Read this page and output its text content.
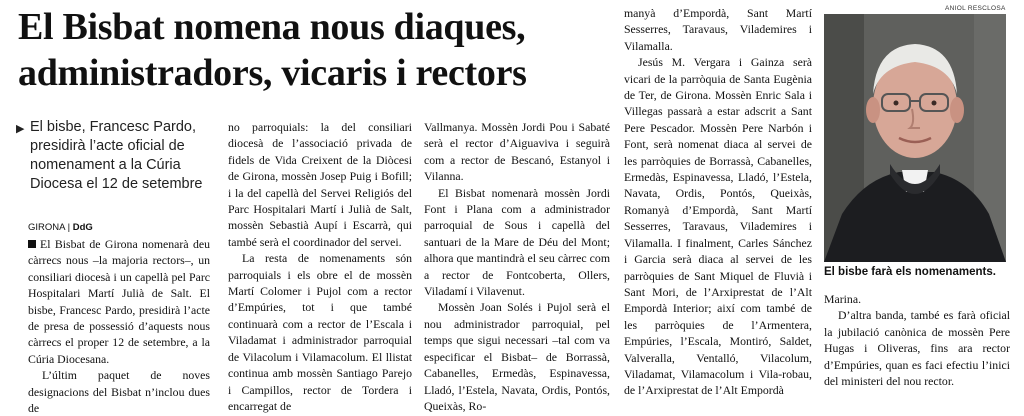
El Bisbat nomena nous diaques,
administradors, vicaris i rectors
▶ El bisbe, Francesc Pardo, presidirà l’acte oficial de nomenament a la Cúria Diocesa el 12 de setembre
GIRONA | DdG

El Bisbat de Girona nomenarà deu càrrecs nous –la majoria rectors–, un consiliari diocesà i un capellà pel Parc Hospitalari Martí Julià de Salt. El bisbe, Francesc Pardo, presidirà l’acte de presa de possessió d’aquests nous càrrecs el proper 12 de setembre, a la Cúria Diocesana.

L’últim paquet de noves designacions del Bisbat n’inclou dues de

no parroquials: la del consiliari diocesà de l’associació privada de fidels de Vida Creixent de la Diòcesi de Girona, mossèn Josep Puig i Bofill; i la del capellà del Servei Religiós del Parc Hospitalari Martí i Julià de Salt, mossèn Sebastià Aupí i Escarrà, qui també serà el coordinador del servei.

La resta de nomenaments són parroquials i els obre el de mossèn Martí Colomer i Pujol com a rector d’Empúries, tot i que també continuarà com a rector de l’Escala i Viladamat i administrador parroquial de Vilacolum i Vilamacolum. El llistat continua amb mossèn Santiago Parejo i Campillos, rector de Tordera i encarregat de

Vallmanya. Mossèn Jordi Pou i Sabaté serà el rector d’Aiguaviva i seguirà com a rector de Bescanó, Estanyol i Vilanna.

El Bisbat nomenarà mossèn Jordi Font i Plana com a administrador parroquial de Sous i capellà del santuari de la Mare de Déu del Mont; alhora que mantindrà el seu càrrec com a rector de Fontcoberta, Ollers, Viladamí i Vilavenut.

Mossèn Joan Solés i Pujol serà el nou administrador parroquial, pel temps que sigui necessari –tal com va especificar el Bisbat– de Borrassà, Cabanelles, Ermedàs, Espinavessa, Lladó, l’Estela, Navata, Ordis, Pontós, Queixàs, Ro-

manyà d’Empordà, Sant Martí Sesserres, Taravaus, Vilademires i Vilamalla.

Jesús M. Vergara i Gainza serà vicari de la parròquia de Santa Eugènia de Ter, de Girona. Mossèn Enric Sala i Villegas passarà a estar adscrit a Sant Pere Pescador. Mossèn Pere Narbón i Font, serà nomenat diaca al servei de les parròquies de Borrassà, Cabanelles, Ermedàs, Espinavessa, Lladó, l’Estela, Navata, Ordis, Pontós, Queixàs, Romanyà d’Empordà, Sant Martí Sesserres, Taravaus, Vilademires i Vilamalla. I finalment, Carles Sánchez i Garcia serà diaca al servei de les parròquies de Sant Miquel de Fluvià i Sant Mori, de l’Arxiprestat de l’Alt Empordà Interior; així com també de les parròquies de l’Armentera, Empúries, l’Escala, Montiró, Saldet, Valveralla, Ventalló, Vilacolum, Viladamat, Vilamacolum i Vila-robau, de l’Arxiprestat de l’Alt Empordà

ANIOL RESCLOSA
El bisbe farà els nomenaments.

Marina.

D’altra banda, també es farà oficial la jubilació canònica de mossèn Pere Hugas i Oliveras, fins ara rector d’Empúries, quan es faci efectiu l’inici del ministeri del nou rector.
